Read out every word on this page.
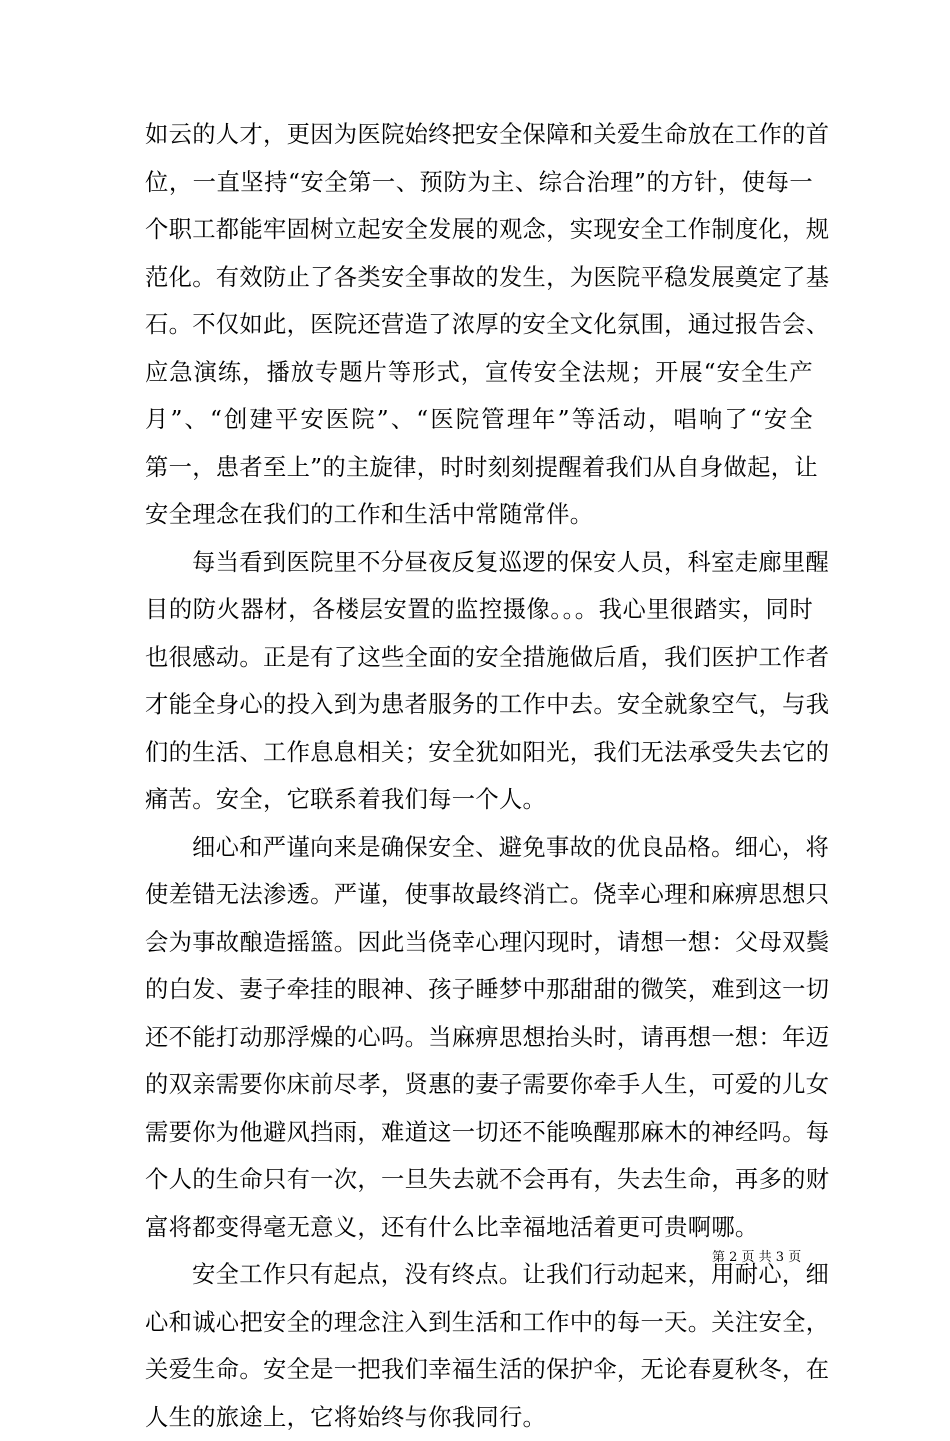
如云的人才，更因为医院始终把安全保障和关爱生命放在工作的首
位，一直坚持“安全第一、预防为主、综合治理”的方针，使每一
个职工都能牢固树立起安全发展的观念，实现安全工作制度化，规
范化。有效防止了各类安全事故的发生，为医院平稳发展奠定了基
石。不仅如此，医院还营造了浓厚的安全文化氛围，通过报告会、
应急演练，播放专题片等形式，宣传安全法规；开展“安全生产
月”、“创建平安医院”、“医院管理年”等活动，唱响了“安全
第一，患者至上”的主旋律，时时刻刻提醒着我们从自身做起，让
安全理念在我们的工作和生活中常随常伴。

每当看到医院里不分昼夜反复巡逻的保安人员，科室走廊里醒
目的防火器材，各楼层安置的监控摄像。。。我心里很踏实，同时
也很感动。正是有了这些全面的安全措施做后盾，我们医护工作者
才能全身心的投入到为患者服务的工作中去。安全就象空气，与我
们的生活、工作息息相关；安全犹如阳光，我们无法承受失去它的
痛苦。安全，它联系着我们每一个人。

细心和严谨向来是确保安全、避免事故的优良品格。细心，将
使差错无法渗透。严谨，使事故最终消亡。侥幸心理和麻痹思想只
会为事故酿造摇篮。因此当侥幸心理闪现时，请想一想：父母双鬓
的白发、妻子牵挂的眼神、孩子睡梦中那甜甜的微笑，难到这一切
还不能打动那浮燥的心吗。当麻痹思想抬头时，请再想一想：年迈
的双亲需要你床前尽孝，贤惠的妻子需要你牵手人生，可爱的儿女
需要你为他避风挡雨，难道这一切还不能唤醒那麻木的神经吗。每
个人的生命只有一次，一旦失去就不会再有，失去生命，再多的财
富将都变得毫无意义，还有什么比幸福地活着更可贵啊哪。

安全工作只有起点，没有终点。让我们行动起来，用耐心，细
心和诚心把安全的理念注入到生活和工作中的每一天。关注安全，
关爱生命。安全是一把我们幸福生活的保护伞，无论春夏秋冬，在
人生的旅途上，它将始终与你我同行。

第 2 页 共 3 页
